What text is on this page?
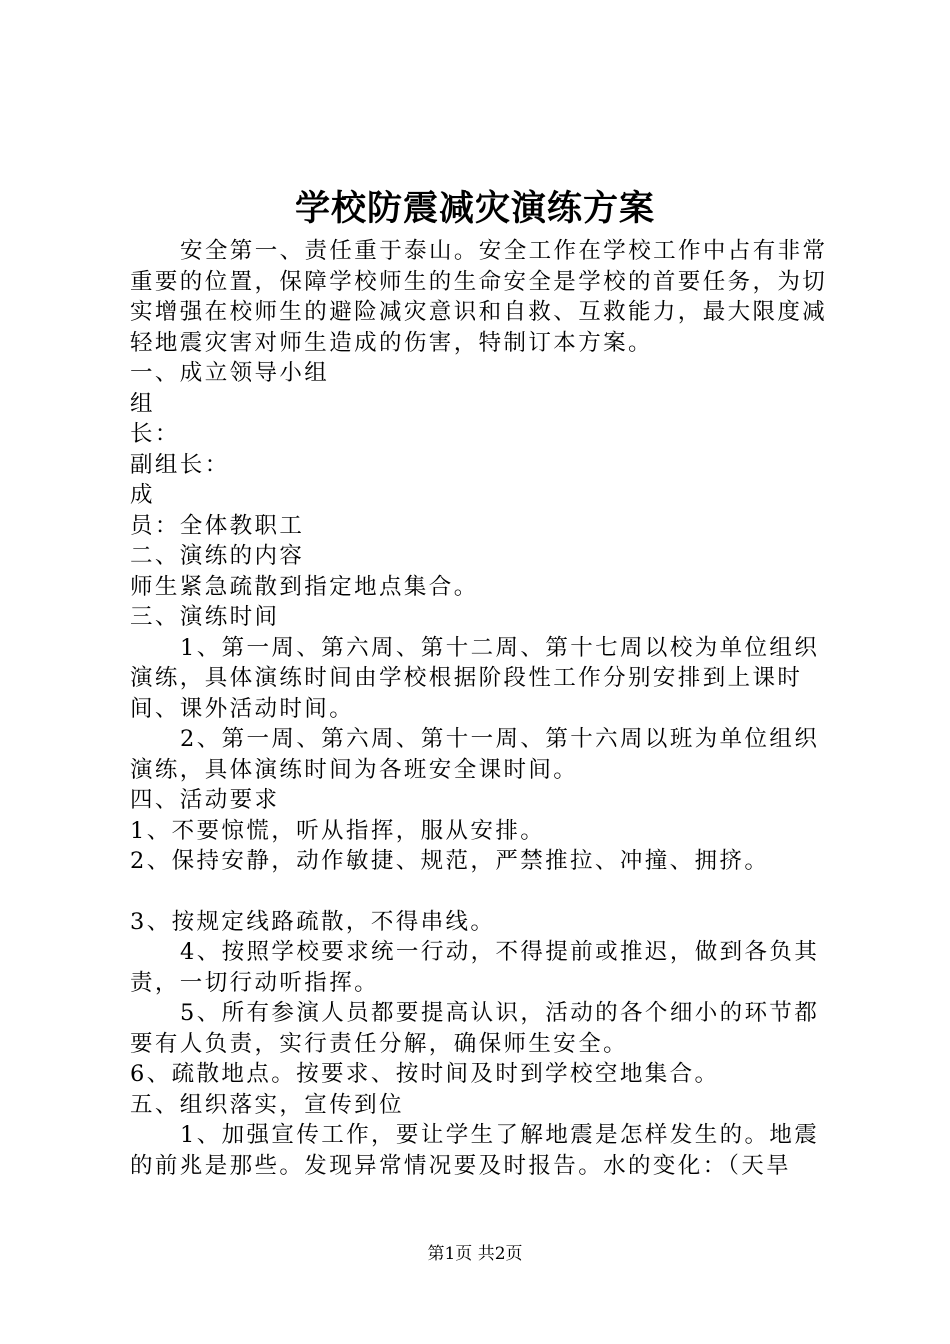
学校防震减灾演练方案

安全第一、责任重于泰山。安全工作在学校工作中占有非常重要的位置，保障学校师生的生命安全是学校的首要任务，为切实增强在校师生的避险减灾意识和自救、互救能力，最大限度减轻地震灾害对师生造成的伤害，特制订本方案。

一、成立领导小组

组

长：

副组长：

成

员：全体教职工

二、演练的内容

师生紧急疏散到指定地点集合。

三、演练时间

1、第一周、第六周、第十二周、第十七周以校为单位组织演练，具体演练时间由学校根据阶段性工作分别安排到上课时间、课外活动时间。

2、第一周、第六周、第十一周、第十六周以班为单位组织演练，具体演练时间为各班安全课时间。

四、活动要求

1、不要惊慌，听从指挥，服从安排。

2、保持安静，动作敏捷、规范，严禁推拉、冲撞、拥挤。

3、按规定线路疏散，不得串线。

4、按照学校要求统一行动，不得提前或推迟，做到各负其责，一切行动听指挥。

5、所有参演人员都要提高认识，活动的各个细小的环节都要有人负责，实行责任分解，确保师生安全。

6、疏散地点。按要求、按时间及时到学校空地集合。

五、组织落实，宣传到位

1、加强宣传工作，要让学生了解地震是怎样发生的。地震的前兆是那些。发现异常情况要及时报告。水的变化：（天旱

第1页 共2页
